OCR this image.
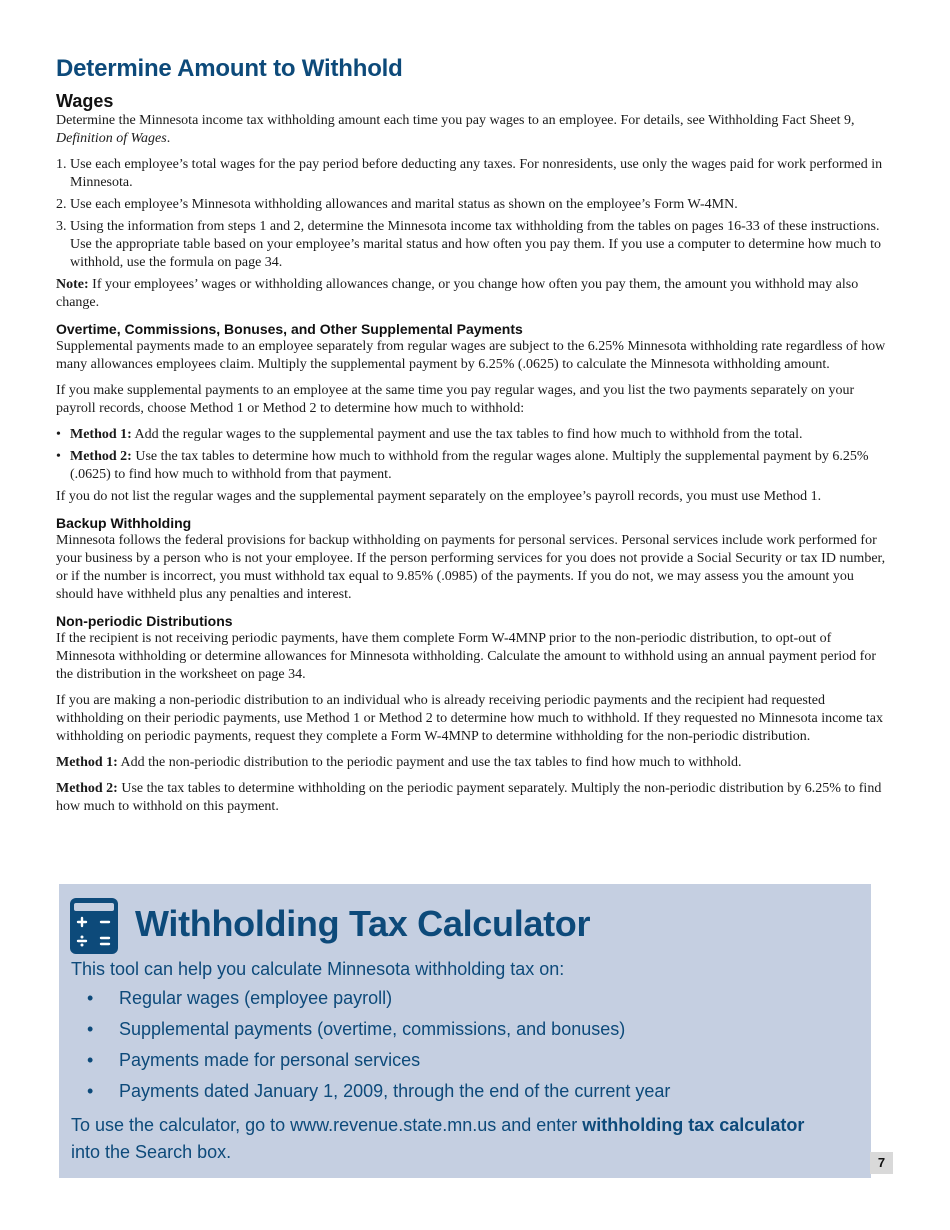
Determine Amount to Withhold
Wages

Determine the Minnesota income tax withholding amount each time you pay wages to an employee. For details, see Withholding Fact Sheet 9, Definition of Wages.

1. Use each employee’s total wages for the pay period before deducting any taxes. For nonresidents, use only the wages paid for work performed in Minnesota.
2. Use each employee’s Minnesota withholding allowances and marital status as shown on the employee’s Form W-4MN.
3. Using the information from steps 1 and 2, determine the Minnesota income tax withholding from the tables on pages 16-33 of these instructions. Use the appropriate table based on your employee’s marital status and how often you pay them. If you use a computer to determine how much to withhold, use the formula on page 34.

Note: If your employees’ wages or withholding allowances change, or you change how often you pay them, the amount you withhold may also change.

Overtime, Commissions, Bonuses, and Other Supplemental Payments

Supplemental payments made to an employee separately from regular wages are subject to the 6.25% Minnesota withholding rate regardless of how many allowances employees claim. Multiply the supplemental payment by 6.25% (.0625) to calculate the Minnesota withholding amount.

If you make supplemental payments to an employee at the same time you pay regular wages, and you list the two payments separately on your payroll records, choose Method 1 or Method 2 to determine how much to withhold:

• Method 1: Add the regular wages to the supplemental payment and use the tax tables to find how much to withhold from the total.
• Method 2: Use the tax tables to determine how much to withhold from the regular wages alone. Multiply the supplemental payment by 6.25% (.0625) to find how much to withhold from that payment.

If you do not list the regular wages and the supplemental payment separately on the employee’s payroll records, you must use Method 1.

Backup Withholding

Minnesota follows the federal provisions for backup withholding on payments for personal services. Personal services include work performed for your business by a person who is not your employee. If the person performing services for you does not provide a Social Security or tax ID number, or if the number is incorrect, you must withhold tax equal to 9.85% (.0985) of the payments. If you do not, we may assess you the amount you should have withheld plus any penalties and interest.

Non-periodic Distributions

If the recipient is not receiving periodic payments, have them complete Form W-4MNP prior to the non-periodic distribution, to opt-out of Minnesota withholding or determine allowances for Minnesota withholding. Calculate the amount to withhold using an annual payment period for the distribution in the worksheet on page 34.

If you are making a non-periodic distribution to an individual who is already receiving periodic payments and the recipient had requested withholding on their periodic payments, use Method 1 or Method 2 to determine how much to withhold. If they requested no Minnesota income tax withholding on periodic payments, request they complete a Form W-4MNP to determine withholding for the non-periodic distribution.

Method 1: Add the non-periodic distribution to the periodic payment and use the tax tables to find how much to withhold.

Method 2: Use the tax tables to determine withholding on the periodic payment separately. Multiply the non-periodic distribution by 6.25% to find how much to withhold on this payment.

Withholding Tax Calculator
This tool can help you calculate Minnesota withholding tax on:
• Regular wages (employee payroll)
• Supplemental payments (overtime, commissions, and bonuses)
• Payments made for personal services
• Payments dated January 1, 2009, through the end of the current year
To use the calculator, go to www.revenue.state.mn.us and enter withholding tax calculator into the Search box.
7
